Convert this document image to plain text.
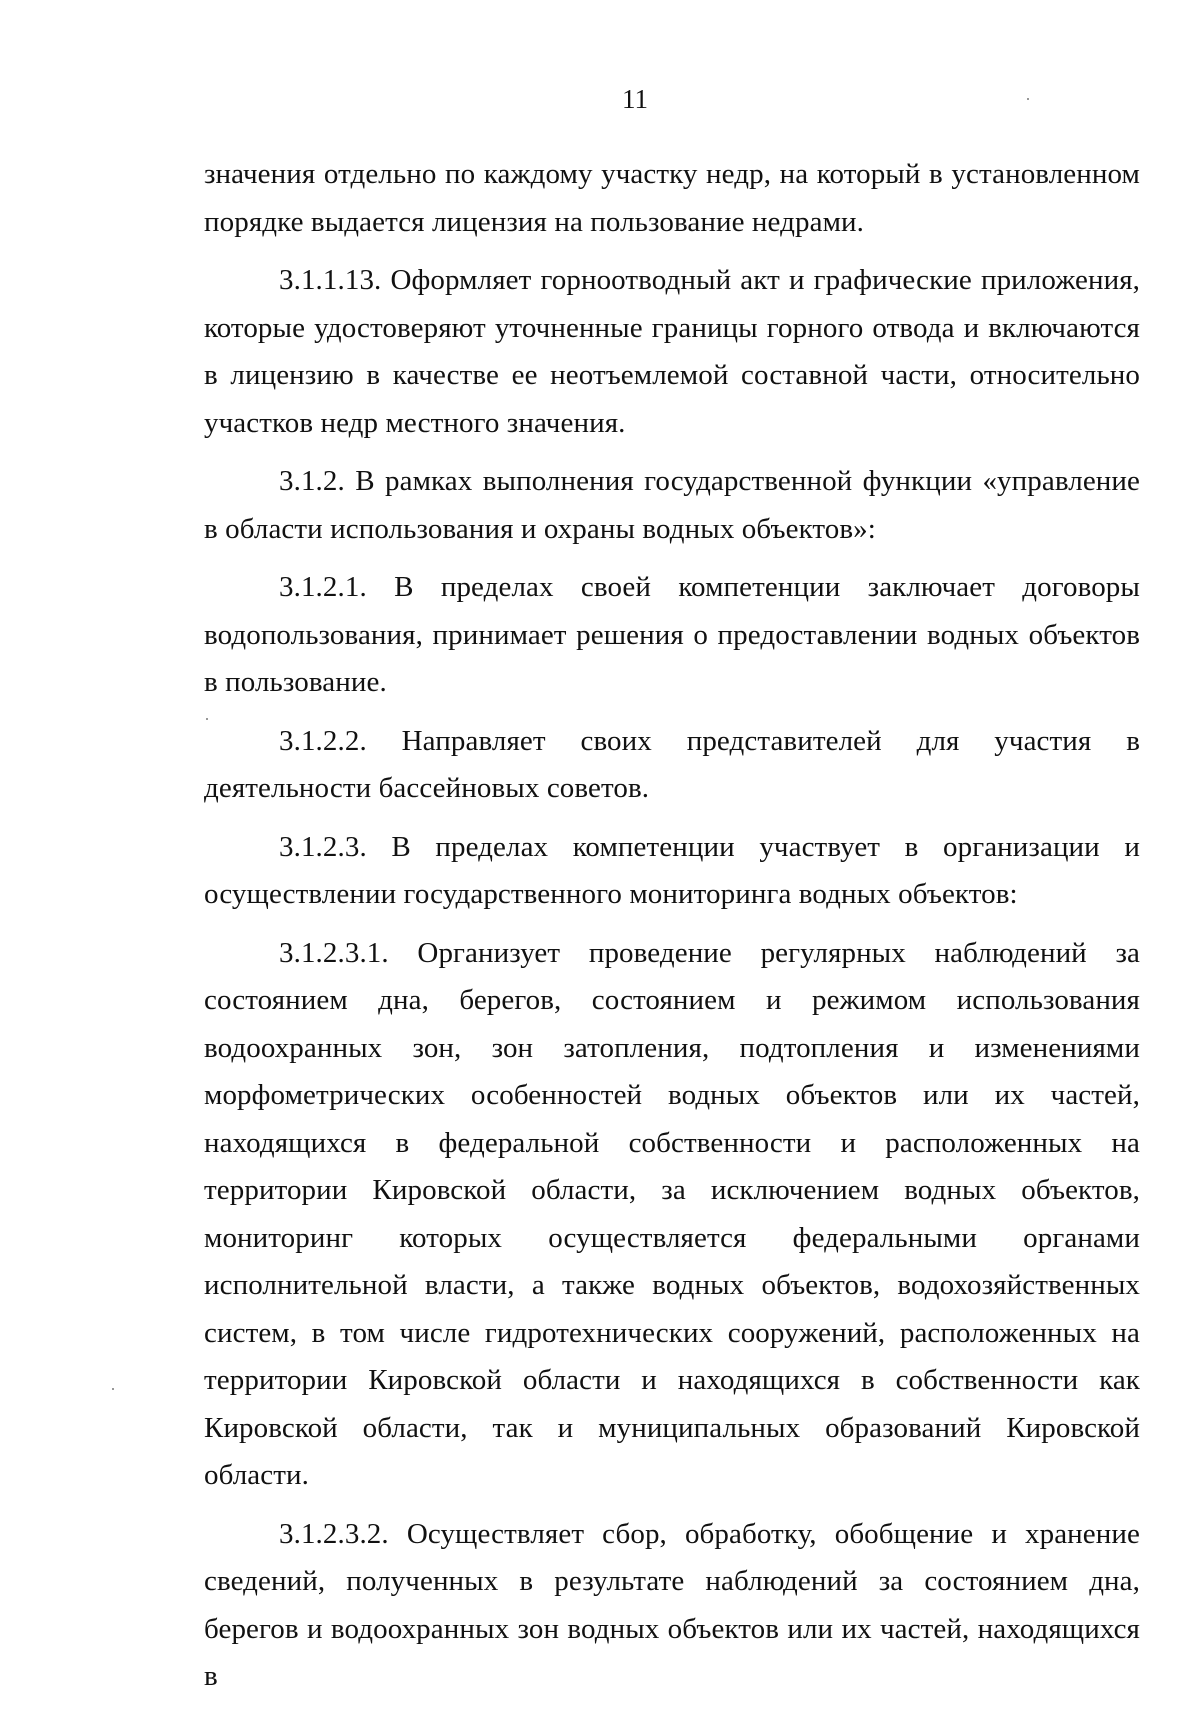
11

значения отдельно по каждому участку недр, на который в установленном порядке выдается лицензия на пользование недрами.

3.1.1.13. Оформляет горноотводный акт и графические приложения, которые удостоверяют уточненные границы горного отвода и включаются в лицензию в качестве ее неотъемлемой составной части, относительно участков недр местного значения.

3.1.2. В рамках выполнения государственной функции «управление в области использования и охраны водных объектов»:

3.1.2.1. В пределах своей компетенции заключает договоры водопользования, принимает решения о предоставлении водных объектов в пользование.

3.1.2.2. Направляет своих представителей для участия в деятельности бассейновых советов.

3.1.2.3. В пределах компетенции участвует в организации и осуществлении государственного мониторинга водных объектов:

3.1.2.3.1. Организует проведение регулярных наблюдений за состоянием дна, берегов, состоянием и режимом использования водоохранных зон, зон затопления, подтопления и изменениями морфометрических особенностей водных объектов или их частей, находящихся в федеральной собственности и расположенных на территории Кировской области, за исключением водных объектов, мониторинг которых осуществляется федеральными органами исполнительной власти, а также водных объектов, водохозяйственных систем, в том числе гидротехнических сооружений, расположенных на территории Кировской области и находящихся в собственности как Кировской области, так и муниципальных образований Кировской области.

3.1.2.3.2. Осуществляет сбор, обработку, обобщение и хранение сведений, полученных в результате наблюдений за состоянием дна, берегов и водоохранных зон водных объектов или их частей, находящихся в
